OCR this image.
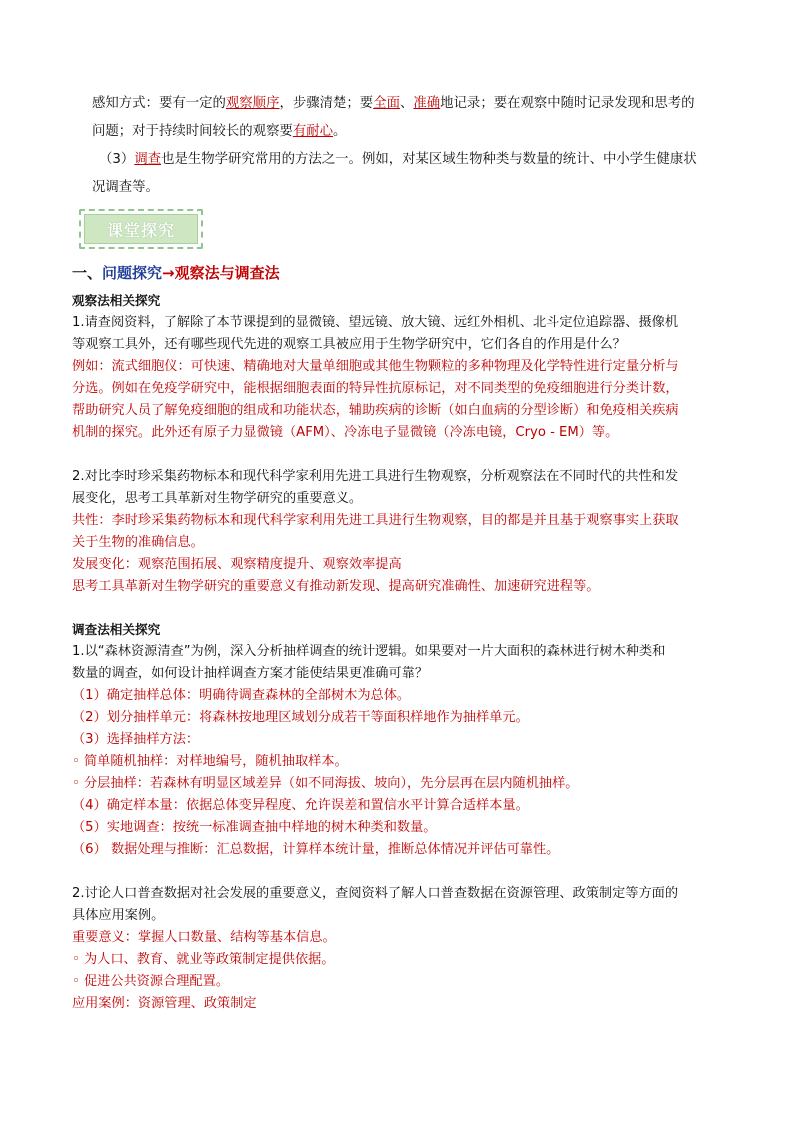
感知方式：要有一定的观察顺序，步骤清楚；要全面、准确地记录；要在观察中随时记录发现和思考的
问题；对于持续时间较长的观察要有耐心。
（3）调查也是生物学研究常用的方法之一。例如，对某区域生物种类与数量的统计、中小学生健康状
况调查等。
课堂探究
一、问题探究→观察法与调查法
观察法相关探究
1.请查阅资料，了解除了本节课提到的显微镜、望远镜、放大镜、远红外相机、北斗定位追踪器、摄像机
等观察工具外，还有哪些现代先进的观察工具被应用于生物学研究中，它们各自的作用是什么？
例如：流式细胞仪：可快速、精确地对大量单细胞或其他生物颗粒的多种物理及化学特性进行定量分析与
分选。例如在免疫学研究中，能根据细胞表面的特异性抗原标记，对不同类型的免疫细胞进行分类计数，
帮助研究人员了解免疫细胞的组成和功能状态，辅助疾病的诊断（如白血病的分型诊断）和免疫相关疾病
机制的探究。此外还有原子力显微镜（AFM）、冷冻电子显微镜（冷冻电镜，Cryo - EM）等。
2.对比李时珍采集药物标本和现代科学家利用先进工具进行生物观察，分析观察法在不同时代的共性和发
展变化，思考工具革新对生物学研究的重要意义。
共性：李时珍采集药物标本和现代科学家利用先进工具进行生物观察，目的都是并且基于观察事实上获取
关于生物的准确信息。
发展变化：观察范围拓展、观察精度提升、观察效率提高
思考工具革新对生物学研究的重要意义有推动新发现、提高研究准确性、加速研究进程等。
调查法相关探究
1.以“森林资源清查”为例，深入分析抽样调查的统计逻辑。如果要对一片大面积的森林进行树木种类和
数量的调查，如何设计抽样调查方案才能使结果更准确可靠？
（1）确定抽样总体：明确待调查森林的全部树木为总体。
（2）划分抽样单元：将森林按地理区域划分成若干等面积样地作为抽样单元。
（3）选择抽样方法：
◦ 简单随机抽样：对样地编号，随机抽取样本。
◦ 分层抽样：若森林有明显区域差异（如不同海拔、坡向），先分层再在层内随机抽样。
（4）确定样本量：依据总体变异程度、允许误差和置信水平计算合适样本量。
（5）实地调查：按统一标准调查抽中样地的树木种类和数量。
（6） 数据处理与推断：汇总数据，计算样本统计量，推断总体情况并评估可靠性。
2.讨论人口普查数据对社会发展的重要意义，查阅资料了解人口普查数据在资源管理、政策制定等方面的
具体应用案例。
重要意义：掌握人口数量、结构等基本信息。
◦ 为人口、教育、就业等政策制定提供依据。
◦ 促进公共资源合理配置。
应用案例：资源管理、政策制定
